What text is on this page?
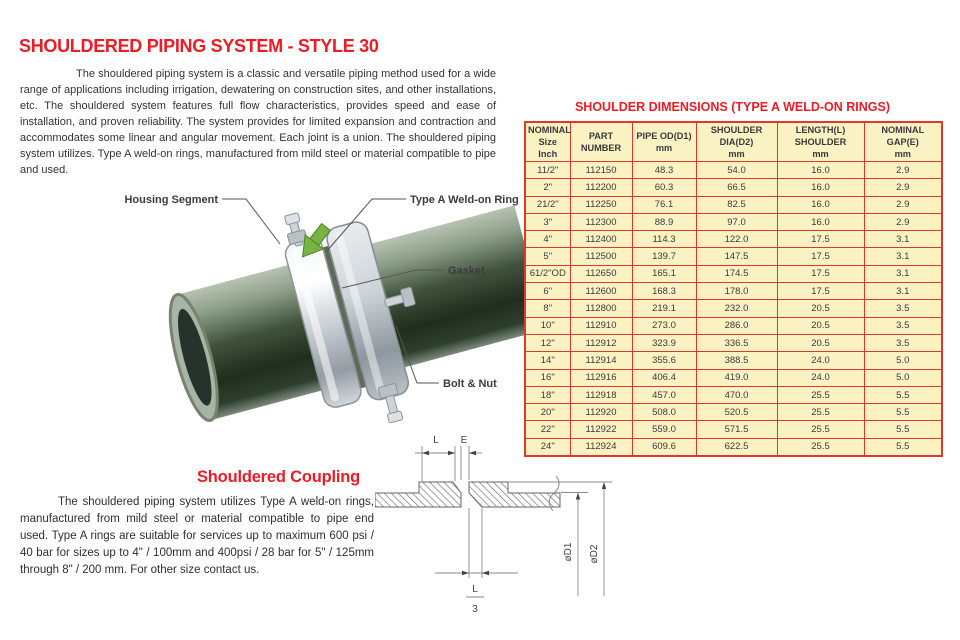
SHOULDERED PIPING SYSTEM - STYLE 30
The shouldered piping system is a classic and versatile piping method used for a wide range of applications including irrigation, dewatering on construction sites, and other installations, etc. The shouldered system features full flow characteristics, provides speed and ease of installation, and proven reliability. The system provides for limited expansion and contraction and accommodates some linear and angular movement. Each joint is a union. The shouldered piping system utilizes. Type A weld-on rings, manufactured from mild steel or material compatible to pipe and used.
Housing Segment	Type A Weld-on Ring
Gasket
Bolt & Nut
Shouldered Coupling
The shouldered piping system utilizes Type A weld-on rings, manufactured from mild steel or material compatible to pipe end used. Type A rings are suitable for services up to maximum 600 psi / 40 bar for sizes up to 4" / 100mm and 400psi / 28 bar for 5" / 125mm through 8" / 200 mm. For other size contact us.
SHOULDER DIMENSIONS (TYPE A WELD-ON RINGS)
NOMINAL
Size Inch

PART NUMBER

PIPE OD(D1)
mm

SHOULDER DIA(D2)
mm

LENGTH(L) SHOULDER
mm

NOMINAL GAP(E)
mm

11/2"	112150	48.3	54.0	16.0	2.9
2"	112200	60.3	66.5	16.0	2.9
21/2"	112250	76.1	82.5	16.0	2.9
3"	112300	88.9	97.0	16.0	2.9
4"	112400	114.3	122.0	17.5	3.1
5"	112500	139.7	147.5	17.5	3.1
61/2"OD	112650	165.1	174.5	17.5	3.1
6"	112600	168.3	178.0	17.5	3.1
8"	112800	219.1	232.0	20.5	3.5
10"	112910	273.0	286.0	20.5	3.5
12"	112912	323.9	336.5	20.5	3.5
14"	112914	355.6	388.5	24.0	5.0
16"	112916	406.4	419.0	24.0	5.0
18"	112918	457.0	470.0	25.5	5.5
20"	112920	508.0	520.5	25.5	5.5
22"	112922	559.0	571.5	25.5	5.5
24"	112924	609.6	622.5	25.5	5.5
L E
øD1 øD2
L
3
